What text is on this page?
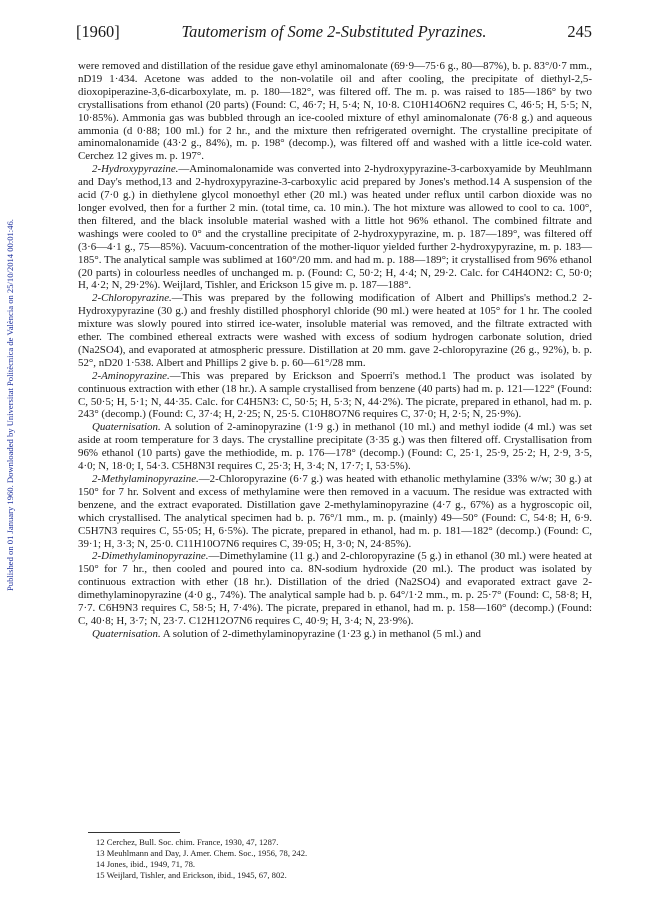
Published on 01 January 1960. Downloaded by Universitat Politècnica de València on 25/10/2014 00:01:46.
[1960]	Tautomerism of Some 2-Substituted Pyrazines.	245

were removed and distillation of the residue gave ethyl aminomalonate (69·9—75·6 g., 80—87%), b. p. 83°/0·7 mm., nD19 1·434. Acetone was added to the non-volatile oil and after cooling, the precipitate of diethyl-2,5-dioxopiperazine-3,6-dicarboxylate, m. p. 180—182°, was filtered off. The m. p. was raised to 185—186° by two crystallisations from ethanol (20 parts) (Found: C, 46·7; H, 5·4; N, 10·8. C10H14O6N2 requires C, 46·5; H, 5·5; N, 10·85%). Ammonia gas was bubbled through an ice-cooled mixture of ethyl aminomalonate (76·8 g.) and aqueous ammonia (d 0·88; 100 ml.) for 2 hr., and the mixture then refrigerated overnight. The crystalline precipitate of aminomalonamide (43·2 g., 84%), m. p. 198° (decomp.), was filtered off and washed with a little ice-cold water. Cerchez 12 gives m. p. 197°.

2-Hydroxypyrazine.—Aminomalonamide was converted into 2-hydroxypyrazine-3-carboxyamide by Meuhlmann and Day's method,13 and 2-hydroxypyrazine-3-carboxylic acid prepared by Jones's method.14 A suspension of the acid (7·0 g.) in diethylene glycol monoethyl ether (20 ml.) was heated under reflux until carbon dioxide was no longer evolved, then for a further 2 min. (total time, ca. 10 min.). The hot mixture was allowed to cool to ca. 100°, then filtered, and the black insoluble material washed with a little hot 96% ethanol. The combined filtrate and washings were cooled to 0° and the crystalline precipitate of 2-hydroxypyrazine, m. p. 187—189°, was filtered off (3·6—4·1 g., 75—85%). Vacuum-concentration of the mother-liquor yielded further 2-hydroxypyrazine, m. p. 183—185°. The analytical sample was sublimed at 160°/20 mm. and had m. p. 188—189°; it crystallised from 96% ethanol (20 parts) in colourless needles of unchanged m. p. (Found: C, 50·2; H, 4·4; N, 29·2. Calc. for C4H4ON2: C, 50·0; H, 4·2; N, 29·2%). Weijlard, Tishler, and Erickson 15 give m. p. 187—188°.

2-Chloropyrazine.—This was prepared by the following modification of Albert and Phillips's method.2 2-Hydroxypyrazine (30 g.) and freshly distilled phosphoryl chloride (90 ml.) were heated at 105° for 1 hr. The cooled mixture was slowly poured into stirred ice-water, insoluble material was removed, and the filtrate extracted with ether. The combined ethereal extracts were washed with excess of sodium hydrogen carbonate solution, dried (Na2SO4), and evaporated at atmospheric pressure. Distillation at 20 mm. gave 2-chloropyrazine (26 g., 92%), b. p. 52°, nD20 1·538. Albert and Phillips 2 give b. p. 60—61°/28 mm.

2-Aminopyrazine.—This was prepared by Erickson and Spoerri's method.1 The product was isolated by continuous extraction with ether (18 hr.). A sample crystallised from benzene (40 parts) had m. p. 121—122° (Found: C, 50·5; H, 5·1; N, 44·35. Calc. for C4H5N3: C, 50·5; H, 5·3; N, 44·2%). The picrate, prepared in ethanol, had m. p. 243° (decomp.) (Found: C, 37·4; H, 2·25; N, 25·5. C10H8O7N6 requires C, 37·0; H, 2·5; N, 25·9%).

Quaternisation. A solution of 2-aminopyrazine (1·9 g.) in methanol (10 ml.) and methyl iodide (4 ml.) was set aside at room temperature for 3 days. The crystalline precipitate (3·35 g.) was then filtered off. Crystallisation from 96% ethanol (10 parts) gave the methiodide, m. p. 176—178° (decomp.) (Found: C, 25·1, 25·9, 25·2; H, 2·9, 3·5, 4·0; N, 18·0; I, 54·3. C5H8N3I requires C, 25·3; H, 3·4; N, 17·7; I, 53·5%).

2-Methylaminopyrazine.—2-Chloropyrazine (6·7 g.) was heated with ethanolic methylamine (33% w/w; 30 g.) at 150° for 7 hr. Solvent and excess of methylamine were then removed in a vacuum. The residue was extracted with benzene, and the extract evaporated. Distillation gave 2-methylaminopyrazine (4·7 g., 67%) as a hygroscopic oil, which crystallised. The analytical specimen had b. p. 76°/1 mm., m. p. (mainly) 49—50° (Found: C, 54·8; H, 6·9. C5H7N3 requires C, 55·05; H, 6·5%). The picrate, prepared in ethanol, had m. p. 181—182° (decomp.) (Found: C, 39·1; H, 3·3; N, 25·0. C11H10O7N6 requires C, 39·05; H, 3·0; N, 24·85%).

2-Dimethylaminopyrazine.—Dimethylamine (11 g.) and 2-chloropyrazine (5 g.) in ethanol (30 ml.) were heated at 150° for 7 hr., then cooled and poured into ca. 8N-sodium hydroxide (20 ml.). The product was isolated by continuous extraction with ether (18 hr.). Distillation of the dried (Na2SO4) and evaporated extract gave 2-dimethylaminopyrazine (4·0 g., 74%). The analytical sample had b. p. 64°/1·2 mm., m. p. 25·7° (Found: C, 58·8; H, 7·7. C6H9N3 requires C, 58·5; H, 7·4%). The picrate, prepared in ethanol, had m. p. 158—160° (decomp.) (Found: C, 40·8; H, 3·7; N, 23·7. C12H12O7N6 requires C, 40·9; H, 3·4; N, 23·9%).

Quaternisation. A solution of 2-dimethylaminopyrazine (1·23 g.) in methanol (5 ml.) and

12 Cerchez, Bull. Soc. chim. France, 1930, 47, 1287.
13 Meuhlmann and Day, J. Amer. Chem. Soc., 1956, 78, 242.
14 Jones, ibid., 1949, 71, 78.
15 Weijlard, Tishler, and Erickson, ibid., 1945, 67, 802.
